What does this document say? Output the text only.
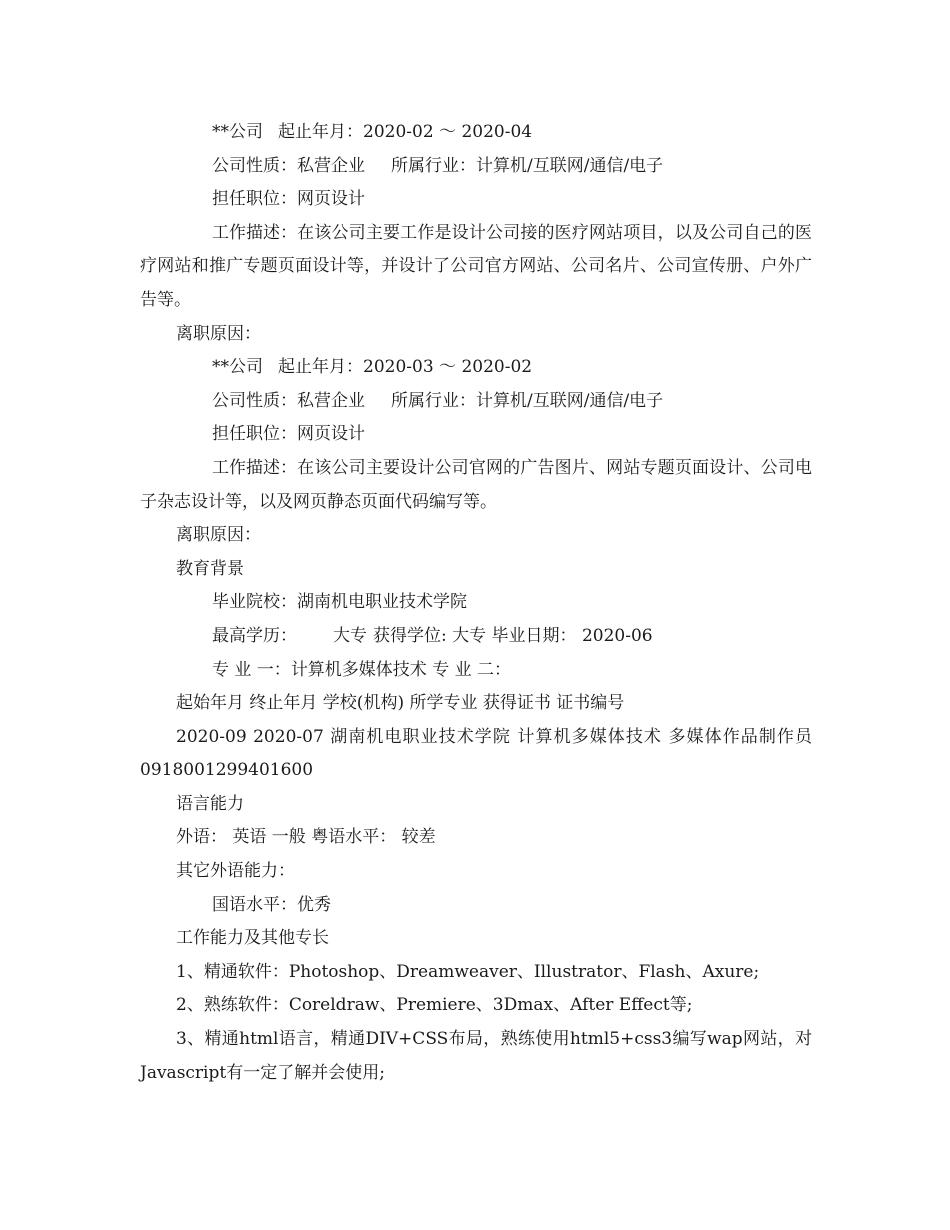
**公司 起止年月：2020-02 ～ 2020-04

公司性质：私营企业 所属行业：计算机/互联网/通信/电子

担任职位：网页设计

工作描述：在该公司主要工作是设计公司接的医疗网站项目，以及公司自己的医疗网站和推广专题页面设计等，并设计了公司官方网站、公司名片、公司宣传册、户外广告等。

离职原因：

**公司 起止年月：2020-03 ～ 2020-02

公司性质：私营企业 所属行业：计算机/互联网/通信/电子

担任职位：网页设计

工作描述：在该公司主要设计公司官网的广告图片、网站专题页面设计、公司电子杂志设计等，以及网页静态页面代码编写等。

离职原因：

教育背景

毕业院校：湖南机电职业技术学院

最高学历： 大专 获得学位: 大专 毕业日期： 2020-06

专 业 一：计算机多媒体技术 专 业 二：

起始年月 终止年月 学校(机构) 所学专业 获得证书 证书编号

2020-09 2020-07 湖南机电职业技术学院 计算机多媒体技术 多媒体作品制作员 0918001299401600

语言能力

外语： 英语 一般 粤语水平： 较差

其它外语能力：

国语水平：优秀

工作能力及其他专长

1、精通软件：Photoshop、Dreamweaver、Illustrator、Flash、Axure;

2、熟练软件：Coreldraw、Premiere、3Dmax、After Effect等;

3、精通html语言，精通DIV+CSS布局，熟练使用html5+css3编写wap网站，对Javascript有一定了解并会使用;
